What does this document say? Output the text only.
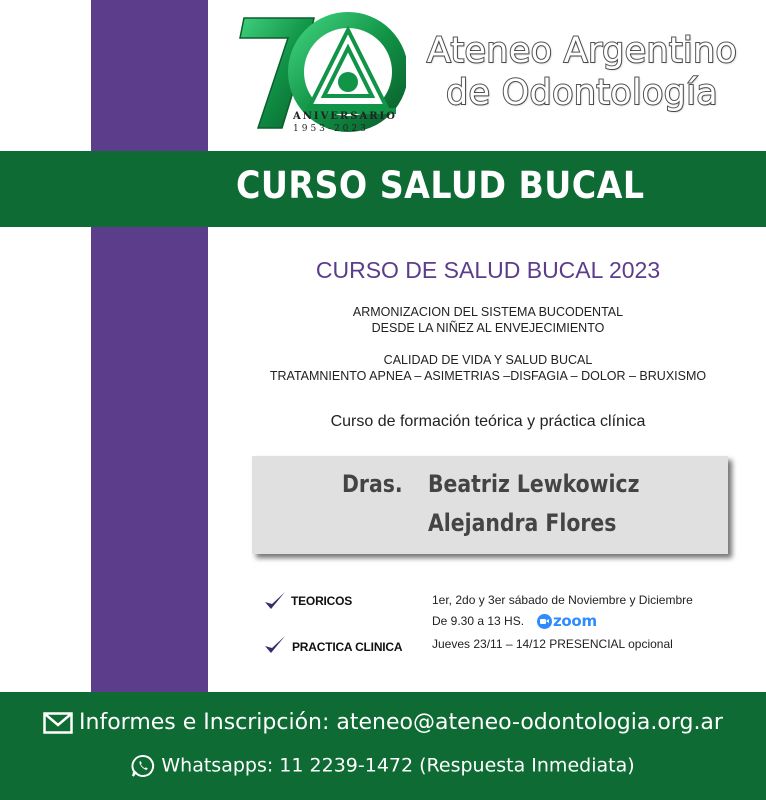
ANIVERSARIO
1953-2023
Ateneo Argentino
de Odontología
CURSO SALUD BUCAL
CURSO DE SALUD BUCAL 2023
ARMONIZACION DEL SISTEMA BUCODENTAL
DESDE LA NIÑEZ AL ENVEJECIMIENTO
CALIDAD DE VIDA Y SALUD BUCAL
TRATAMNIENTO APNEA – ASIMETRIAS –DISFAGIA – DOLOR – BRUXISMO
Curso de formación teórica y práctica clínica
Dras. Beatriz Lewkowicz
Alejandra Flores
TEORICOS	1er, 2do y 3er sábado de Noviembre y Diciembre
De 9.30 a 13 HS. zoom
PRACTICA CLINICA Jueves 23/11 – 14/12 PRESENCIAL opcional
Informes e Inscripción: ateneo@ateneo-odontologia.org.ar
Whatsapps: 11 2239-1472 (Respuesta Inmediata)
